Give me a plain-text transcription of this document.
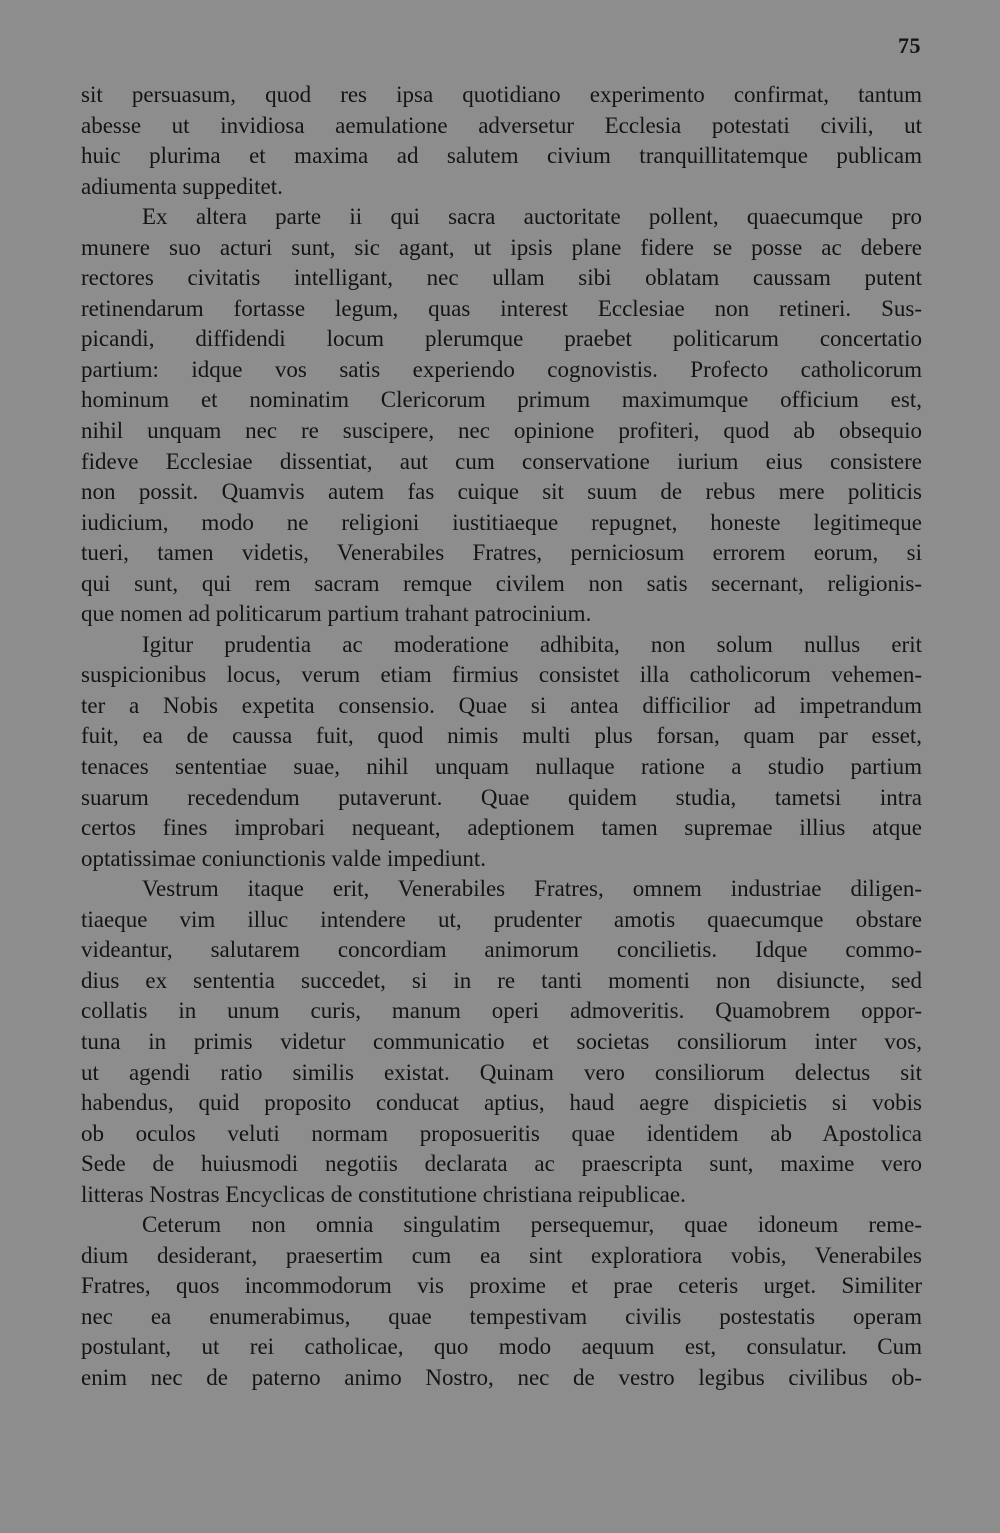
75
sit persuasum, quod res ipsa quotidiano experimento confirmat, tantum
abesse ut invidiosa aemulatione adversetur Ecclesia potestati civili, ut
huic plurima et maxima ad salutem civium tranquillitatemque publicam
adiumenta suppeditet.
Ex altera parte ii qui sacra auctoritate pollent, quaecumque pro
munere suo acturi sunt, sic agant, ut ipsis plane fidere se posse ac debere
rectores civitatis intelligant, nec ullam sibi oblatam caussam putent
retinendarum fortasse legum, quas interest Ecclesiae non retineri. Sus-
picandi, diffidendi locum plerumque praebet politicarum concertatio
partium: idque vos satis experiendo cognovistis. Profecto catholicorum
hominum et nominatim Clericorum primum maximumque officium est,
nihil unquam nec re suscipere, nec opinione profiteri, quod ab obsequio
fideve Ecclesiae dissentiat, aut cum conservatione iurium eius consistere
non possit. Quamvis autem fas cuique sit suum de rebus mere politicis
iudicium, modo ne religioni iustitiaeque repugnet, honeste legitimeque
tueri, tamen videtis, Venerabiles Fratres, perniciosum errorem eorum, si
qui sunt, qui rem sacram remque civilem non satis secernant, religionis-
que nomen ad politicarum partium trahant patrocinium.
Igitur prudentia ac moderatione adhibita, non solum nullus erit
suspicionibus locus, verum etiam firmius consistet illa catholicorum vehemen-
ter a Nobis expetita consensio. Quae si antea difficilior ad impetrandum
fuit, ea de caussa fuit, quod nimis multi plus forsan, quam par esset,
tenaces sententiae suae, nihil unquam nullaque ratione a studio partium
suarum recedendum putaverunt. Quae quidem studia, tametsi intra
certos fines improbari nequeant, adeptionem tamen supremae illius atque
optatissimae coniunctionis valde impediunt.
Vestrum itaque erit, Venerabiles Fratres, omnem industriae diligen-
tiaeque vim illuc intendere ut, prudenter amotis quaecumque obstare
videantur, salutarem concordiam animorum concilietis. Idque commo-
dius ex sententia succedet, si in re tanti momenti non disiuncte, sed
collatis in unum curis, manum operi admoveritis. Quamobrem oppor-
tuna in primis videtur communicatio et societas consiliorum inter vos,
ut agendi ratio similis existat. Quinam vero consiliorum delectus sit
habendus, quid proposito conducat aptius, haud aegre dispicietis si vobis
ob oculos veluti normam proposueritis quae identidem ab Apostolica
Sede de huiusmodi negotiis declarata ac praescripta sunt, maxime vero
litteras Nostras Encyclicas de constitutione christiana reipublicae.
Ceterum non omnia singulatim persequemur, quae idoneum reme-
dium desiderant, praesertim cum ea sint exploratiora vobis, Venerabiles
Fratres, quos incommodorum vis proxime et prae ceteris urget. Similiter
nec ea enumerabimus, quae tempestivam civilis postestatis operam
postulant, ut rei catholicae, quo modo aequum est, consulatur. Cum
enim nec de paterno animo Nostro, nec de vestro legibus civilibus ob-
